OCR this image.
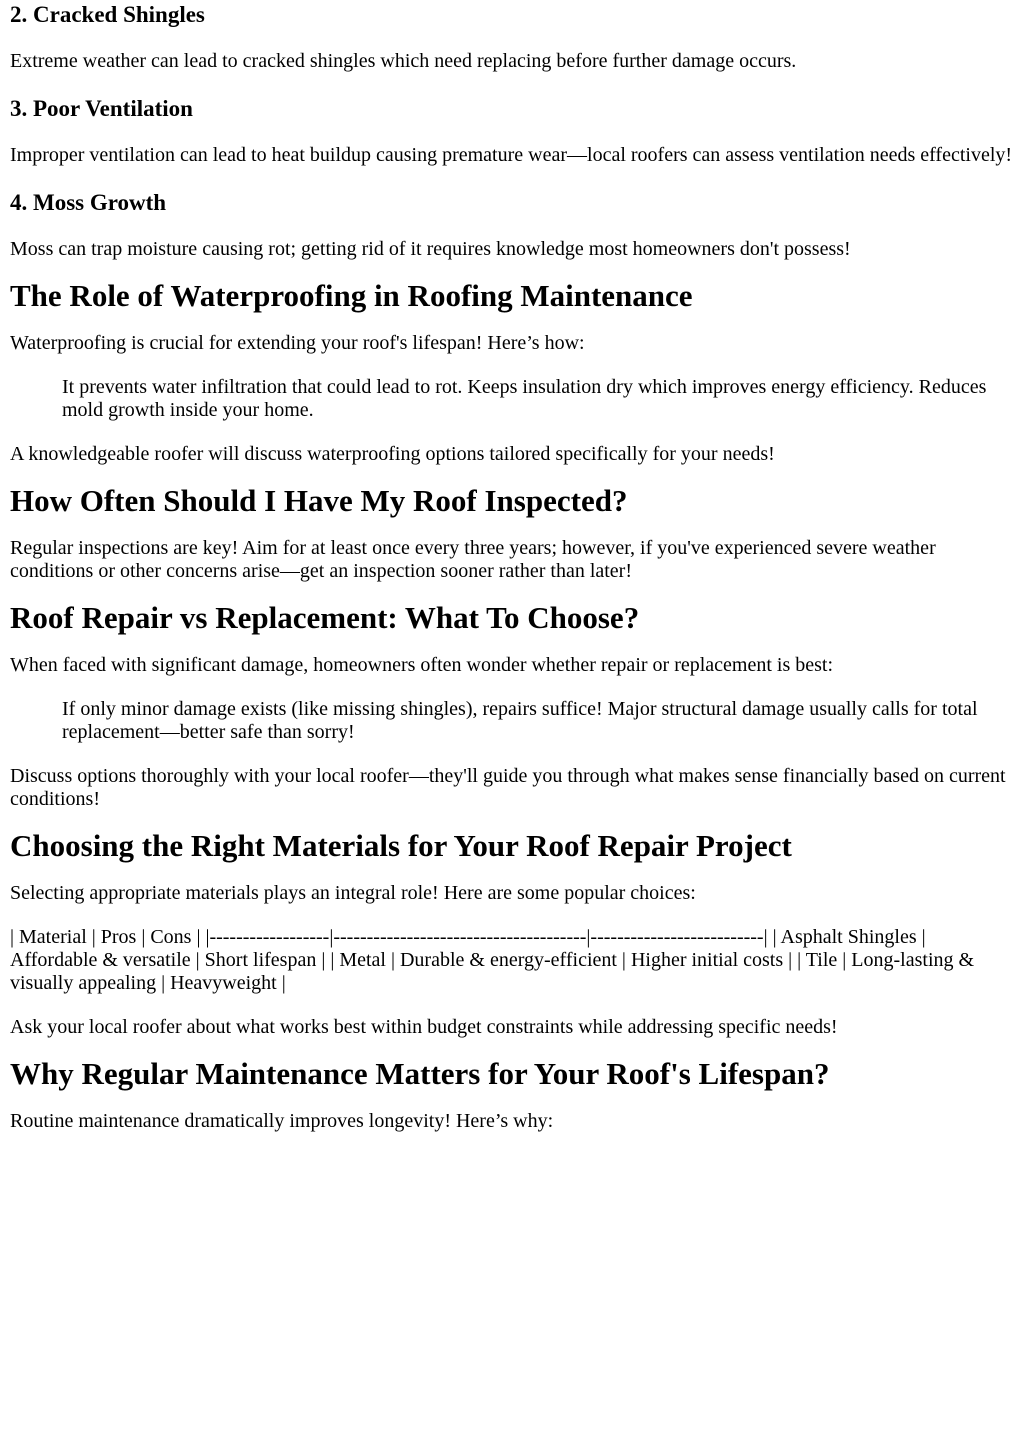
2. Cracked Shingles

Extreme weather can lead to cracked shingles which need replacing before further damage occurs.

3. Poor Ventilation

Improper ventilation can lead to heat buildup causing premature wear—local roofers can assess ventilation needs effectively!

4. Moss Growth

Moss can trap moisture causing rot; getting rid of it requires knowledge most homeowners don't possess!

The Role of Waterproofing in Roofing Maintenance

Waterproofing is crucial for extending your roof's lifespan! Here’s how:

It prevents water infiltration that could lead to rot. Keeps insulation dry which improves energy efficiency. Reduces mold growth inside your home.

A knowledgeable roofer will discuss waterproofing options tailored specifically for your needs!

How Often Should I Have My Roof Inspected?

Regular inspections are key! Aim for at least once every three years; however, if you've experienced severe weather conditions or other concerns arise—get an inspection sooner rather than later!

Roof Repair vs Replacement: What To Choose?

When faced with significant damage, homeowners often wonder whether repair or replacement is best:

If only minor damage exists (like missing shingles), repairs suffice! Major structural damage usually calls for total replacement—better safe than sorry!

Discuss options thoroughly with your local roofer—they'll guide you through what makes sense financially based on current conditions!

Choosing the Right Materials for Your Roof Repair Project

Selecting appropriate materials plays an integral role! Here are some popular choices:

| Material | Pros | Cons | |------------------|--------------------------------------|--------------------------| | Asphalt Shingles | Affordable & versatile | Short lifespan | | Metal | Durable & energy-efficient | Higher initial costs | | Tile | Long-lasting & visually appealing | Heavyweight |

Ask your local roofer about what works best within budget constraints while addressing specific needs!

Why Regular Maintenance Matters for Your Roof's Lifespan?

Routine maintenance dramatically improves longevity! Here’s why:
